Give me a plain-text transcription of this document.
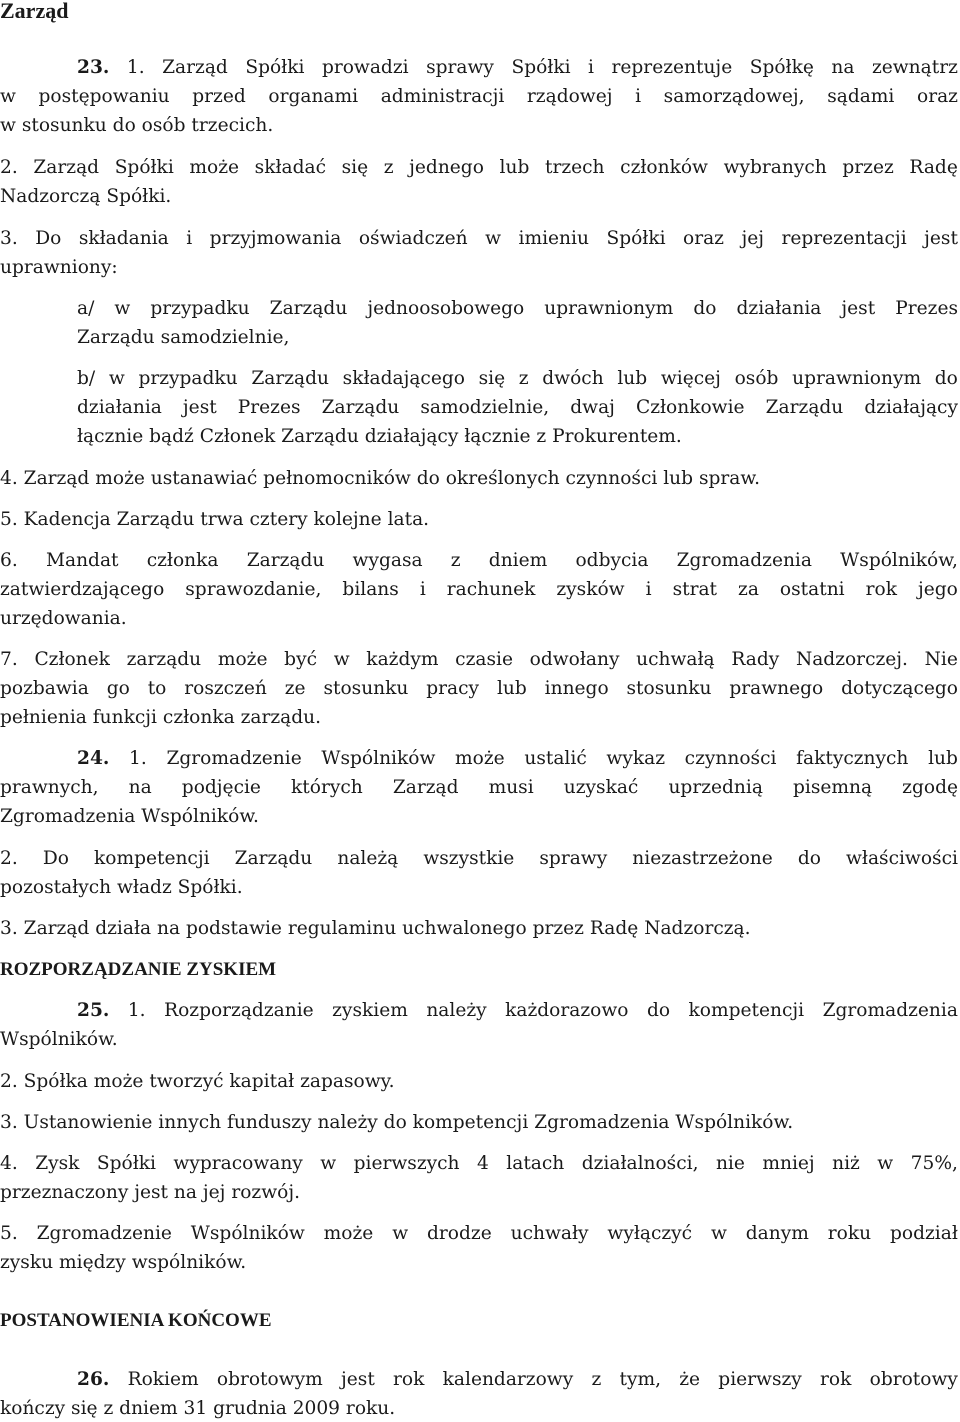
Zarząd
23. 1. Zarząd Spółki prowadzi sprawy Spółki i reprezentuje Spółkę na zewnątrz
w postępowaniu przed organami administracji rządowej i samorządowej, sądami oraz
w stosunku do osób trzecich.
2. Zarząd Spółki może składać się z jednego lub trzech członków wybranych przez Radę
Nadzorczą Spółki.
3. Do składania i przyjmowania oświadczeń w imieniu Spółki oraz jej reprezentacji jest
uprawniony:
a/ w przypadku Zarządu jednoosobowego uprawnionym do działania jest Prezes
Zarządu samodzielnie,
b/ w przypadku Zarządu składającego się z dwóch lub więcej osób uprawnionym do
działania jest Prezes Zarządu samodzielnie, dwaj Członkowie Zarządu działający
łącznie bądź Członek Zarządu działający łącznie z Prokurentem.
4. Zarząd może ustanawiać pełnomocników do określonych czynności lub spraw.
5. Kadencja Zarządu trwa cztery kolejne lata.
6. Mandat członka Zarządu wygasa z dniem odbycia Zgromadzenia Wspólników,
zatwierdzającego sprawozdanie, bilans i rachunek zysków i strat za ostatni rok jego
urzędowania.
7. Członek zarządu może być w każdym czasie odwołany uchwałą Rady Nadzorczej. Nie
pozbawia go to roszczeń ze stosunku pracy lub innego stosunku prawnego dotyczącego
pełnienia funkcji członka zarządu.
24. 1. Zgromadzenie Wspólników może ustalić wykaz czynności faktycznych lub
prawnych, na podjęcie których Zarząd musi uzyskać uprzednią pisemną zgodę
Zgromadzenia Wspólników.
2. Do kompetencji Zarządu należą wszystkie sprawy niezastrzeżone do właściwości
pozostałych władz Spółki.
3. Zarząd działa na podstawie regulaminu uchwalonego przez Radę Nadzorczą.
ROZPORZĄDZANIE ZYSKIEM
25. 1. Rozporządzanie zyskiem należy każdorazowo do kompetencji Zgromadzenia
Wspólników.
2. Spółka może tworzyć kapitał zapasowy.
3. Ustanowienie innych funduszy należy do kompetencji Zgromadzenia Wspólników.
4. Zysk Spółki wypracowany w pierwszych 4 latach działalności, nie mniej niż w 75%,
przeznaczony jest na jej rozwój.
5. Zgromadzenie Wspólników może w drodze uchwały wyłączyć w danym roku podział
zysku między wspólników.
POSTANOWIENIA KOŃCOWE
26. Rokiem obrotowym jest rok kalendarzowy z tym, że pierwszy rok obrotowy
kończy się z dniem 31 grudnia 2009 roku.
